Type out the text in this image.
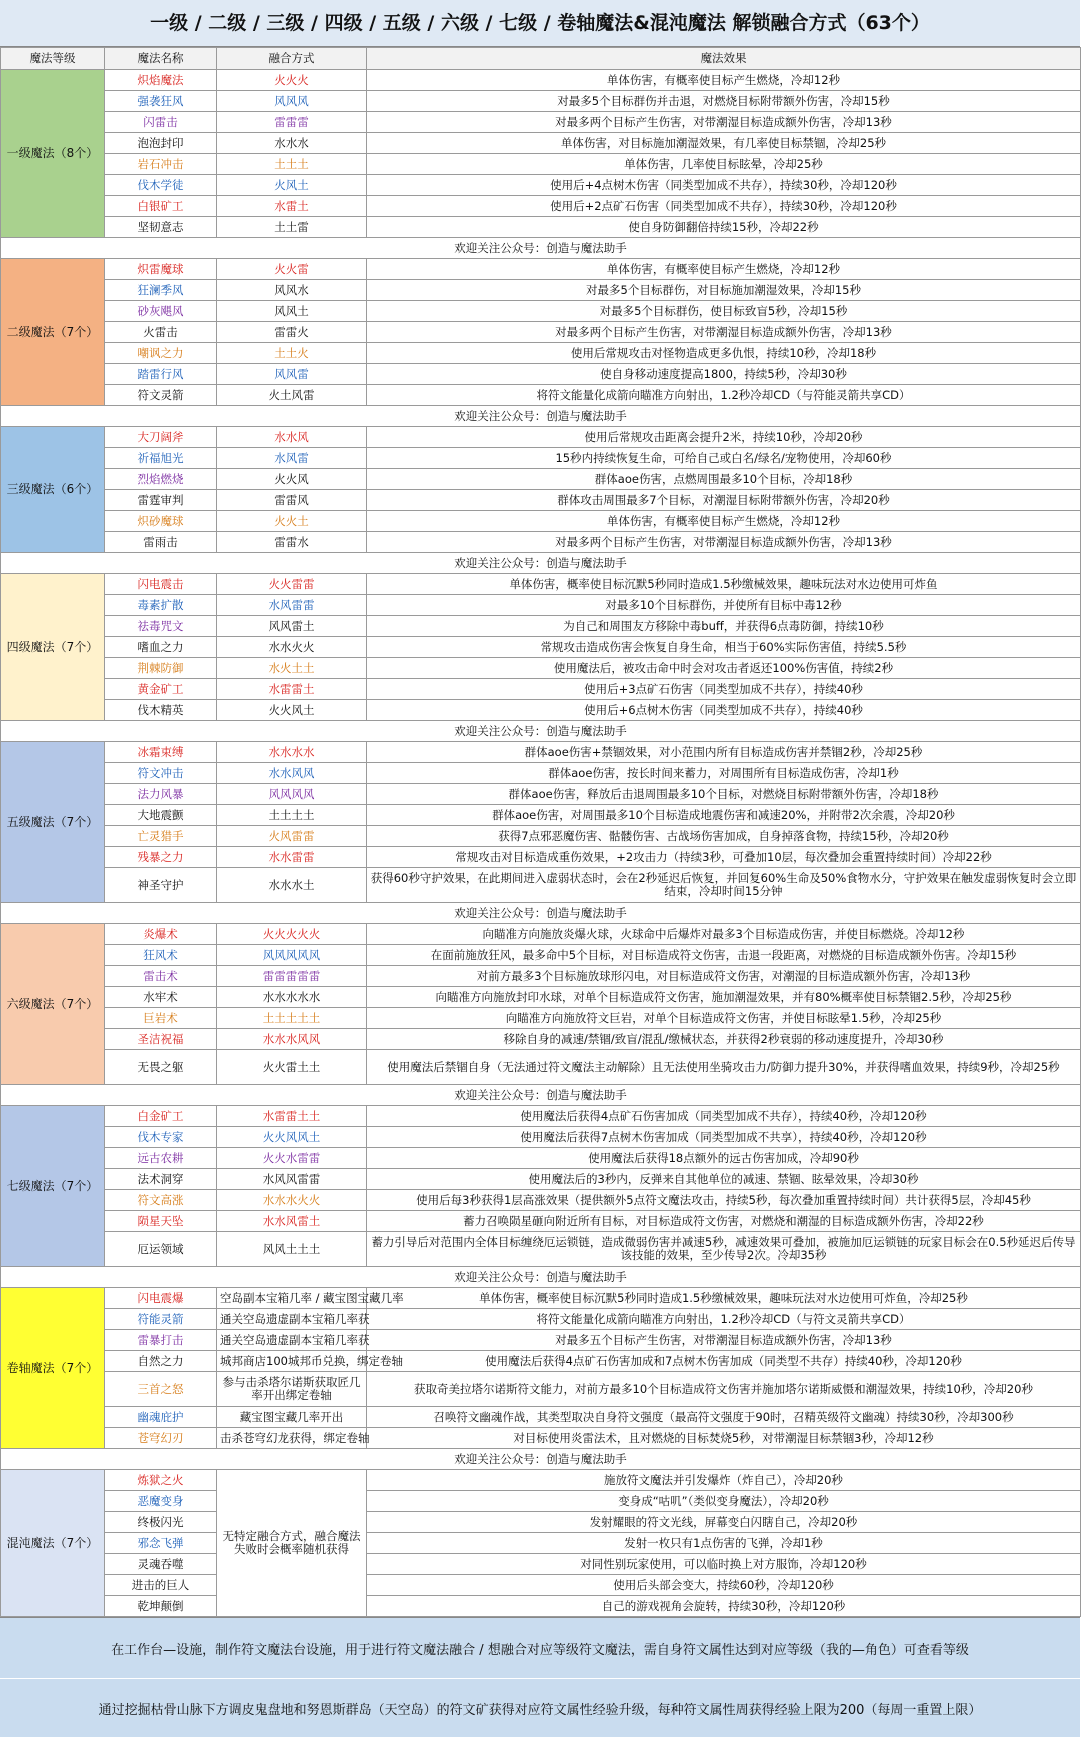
一级 / 二级 / 三级 / 四级 / 五级 / 六级 / 七级 / 卷轴魔法&混沌魔法 解锁融合方式（63个）
魔法等级	魔法名称	融合方式	魔法效果
一级魔法（8个）	炽焰魔法	火火火	单体伤害，有概率使目标产生燃烧，冷却12秒
	强袭狂风	风风风	对最多5个目标群伤并击退，对燃烧目标附带额外伤害，冷却15秒
	闪雷击	雷雷雷	对最多两个目标产生伤害，对带潮湿目标造成额外伤害，冷却13秒
	泡泡封印	水水水	单体伤害，对目标施加潮湿效果，有几率使目标禁锢，冷却25秒
	岩石冲击	土土土	单体伤害，几率使目标眩晕，冷却25秒
	伐木学徒	火风土	使用后+4点树木伤害（同类型加成不共存），持续30秒，冷却120秒
	白银矿工	水雷土	使用后+2点矿石伤害（同类型加成不共存），持续30秒，冷却120秒
	坚韧意志	土土雷	使自身防御翻倍持续15秒，冷却22秒
欢迎关注公众号：创造与魔法助手			
二级魔法（7个）	炽雷魔球	火火雷	单体伤害，有概率使目标产生燃烧，冷却12秒
	狂澜季风	风风水	对最多5个目标群伤，对目标施加潮湿效果，冷却15秒
	砂灰飓风	风风土	对最多5个目标群伤，使目标致盲5秒，冷却15秒
	火雷击	雷雷火	对最多两个目标产生伤害，对带潮湿目标造成额外伤害，冷却13秒
	嘲讽之力	土土火	使用后常规攻击对怪物造成更多仇恨，持续10秒，冷却18秒
	踏雷行风	风风雷	使自身移动速度提高1800，持续5秒，冷却30秒
	符文灵箭	火土风雷	将符文能量化成箭向瞄准方向射出，1.2秒冷却CD（与符能灵箭共享CD）
欢迎关注公众号：创造与魔法助手			
三级魔法（6个）	大刀阔斧	水水风	使用后常规攻击距离会提升2米，持续10秒，冷却20秒
	祈福旭光	水风雷	15秒内持续恢复生命，可给自己或白名/绿名/宠物使用，冷却60秒
	烈焰燃烧	火火风	群体aoe伤害，点燃周围最多10个目标，冷却18秒
	雷霆审判	雷雷风	群体攻击周围最多7个目标，对潮湿目标附带额外伤害，冷却20秒
	炽砂魔球	火火土	单体伤害，有概率使目标产生燃烧，冷却12秒
	雷雨击	雷雷水	对最多两个目标产生伤害，对带潮湿目标造成额外伤害，冷却13秒
欢迎关注公众号：创造与魔法助手			
四级魔法（7个）	闪电震击	火火雷雷	单体伤害，概率使目标沉默5秒同时造成1.5秒缴械效果，趣味玩法对水边使用可炸鱼
	毒素扩散	水风雷雷	对最多10个目标群伤，并使所有目标中毒12秒
	祛毒咒文	风风雷土	为自己和周围友方移除中毒buff，并获得6点毒防御，持续10秒
	嗜血之力	水水火火	常规攻击造成伤害会恢复自身生命，相当于60%实际伤害值，持续5.5秒
	荆棘防御	水火土土	使用魔法后，被攻击命中时会对攻击者返还100%伤害值，持续2秒
	黄金矿工	水雷雷土	使用后+3点矿石伤害（同类型加成不共存），持续40秒
	伐木精英	火火风土	使用后+6点树木伤害（同类型加成不共存），持续40秒
欢迎关注公众号：创造与魔法助手			
五级魔法（7个）	冰霜束缚	水水水水	群体aoe伤害+禁锢效果，对小范围内所有目标造成伤害并禁锢2秒，冷却25秒
	符文冲击	水水风风	群体aoe伤害，按长时间来蓄力，对周围所有目标造成伤害，冷却1秒
	法力风暴	风风风风	群体aoe伤害，释放后击退周围最多10个目标，对燃烧目标附带额外伤害，冷却18秒
	大地震颤	土土土土	群体aoe伤害，对周围最多10个目标造成地震伤害和减速20%，并附带2次余震，冷却20秒
	亡灵猎手	火风雷雷	获得7点邪恶魔伤害、骷髅伤害、古战场伤害加成，自身掉落食物，持续15秒，冷却20秒
	残暴之力	水水雷雷	常规攻击对目标造成重伤效果，+2攻击力（持续3秒，可叠加10层，每次叠加会重置持续时间）冷却22秒
	神圣守护	水水水土	获得60秒守护效果，在此期间进入虚弱状态时，会在2秒延迟后恢复，并回复60%生命及50%食物水分，守护效果在触发虚弱恢复时会立即结束，冷却时间15分钟
欢迎关注公众号：创造与魔法助手			
六级魔法（7个）	炎爆术	火火火火火	向瞄准方向施放炎爆火球，火球命中后爆炸对最多3个目标造成伤害，并使目标燃烧。冷却12秒
	狂风术	风风风风风	在面前施放狂风，最多命中5个目标，对目标造成符文伤害，击退一段距离，对燃烧的目标造成额外伤害。冷却15秒
	雷击术	雷雷雷雷雷	对前方最多3个目标施放球形闪电，对目标造成符文伤害，对潮湿的目标造成额外伤害，冷却13秒
	水牢术	水水水水水	向瞄准方向施放封印水球，对单个目标造成符文伤害，施加潮湿效果，并有80%概率使目标禁锢2.5秒，冷却25秒
	巨岩术	土土土土土	向瞄准方向施放符文巨岩，对单个目标造成符文伤害，并使目标眩晕1.5秒，冷却25秒
	圣洁祝福	水水水风风	移除自身的减速/禁锢/致盲/混乱/缴械状态，并获得2秒衰弱的移动速度提升，冷却30秒
	无畏之躯	火火雷土土	使用魔法后禁锢自身（无法通过符文魔法主动解除）且无法使用坐骑攻击力/防御力提升30%，并获得嗜血效果，持续9秒，冷却25秒
欢迎关注公众号：创造与魔法助手			
七级魔法（7个）	白金矿工	水雷雷土土	使用魔法后获得4点矿石伤害加成（同类型加成不共存），持续40秒，冷却120秒
	伐木专家	火火风风土	使用魔法后获得7点树木伤害加成（同类型加成不共享），持续40秒，冷却120秒
	远古农耕	火火水雷雷	使用魔法后获得18点额外的远古伤害加成，冷却90秒
	法术洞穿	水风风雷雷	使用魔法后的3秒内，反弹来自其他单位的减速、禁锢、眩晕效果，冷却30秒
	符文高涨	水水水火火	使用后每3秒获得1层高涨效果（提供额外5点符文魔法攻击，持续5秒，每次叠加重置持续时间）共计获得5层，冷却45秒
	陨星天坠	水水风雷土	蓄力召唤陨星砸向附近所有目标，对目标造成符文伤害，对燃烧和潮湿的目标造成额外伤害，冷却22秒
	厄运领域	风风土土土	蓄力引导后对范围内全体目标缠绕厄运锁链，造成微弱伤害并减速5秒，减速效果可叠加，被施加厄运锁链的玩家目标会在0.5秒延迟后传导该技能的效果，至少传导2次。冷却35秒
欢迎关注公众号：创造与魔法助手			
卷轴魔法（7个）	闪电震爆	空岛副本宝箱几率 / 藏宝图宝藏几率	单体伤害，概率使目标沉默5秒同时造成1.5秒缴械效果，趣味玩法对水边使用可炸鱼，冷却25秒
	符能灵箭	通关空岛遗虚副本宝箱几率获	将符文能量化成箭向瞄准方向射出，1.2秒冷却CD（与符文灵箭共享CD）
	雷暴打击	通关空岛遗虚副本宝箱几率获	对最多五个目标产生伤害，对带潮湿目标造成额外伤害，冷却13秒
	自然之力	城邦商店100城邦币兑换，绑定卷轴	使用魔法后获得4点矿石伤害加成和7点树木伤害加成（同类型不共存）持续40秒，冷却120秒
	三首之怒	参与击杀塔尔诺斯获取匠几率开出绑定卷轴	获取奇美拉塔尔诺斯符文能力，对前方最多10个目标造成符文伤害并施加塔尔诺斯威慑和潮湿效果，持续10秒，冷却20秒
	幽魂庇护	藏宝图宝藏几率开出	召唤符文幽魂作战，其类型取决自身符文强度（最高符文强度于90时，召精英级符文幽魂）持续30秒，冷却300秒
	苍穹幻刃	击杀苍穹幻龙获得，绑定卷轴	对目标使用炎雷法术，且对燃烧的目标焚烧5秒，对带潮湿目标禁锢3秒，冷却12秒
欢迎关注公众号：创造与魔法助手			
混沌魔法（7个）	炼狱之火	无特定融合方式，融合魔法失败时会概率随机获得	施放符文魔法并引发爆炸（炸自己），冷却20秒
	恶魔变身		变身成“咕叽”（类似变身魔法），冷却20秒
	终极闪光		发射耀眼的符文光线，屏幕变白闪瞎自己，冷却20秒
	邪念飞弹		发射一枚只有1点伤害的飞弹，冷却1秒
	灵魂吞噬		对同性别玩家使用，可以临时换上对方服饰，冷却120秒
	进击的巨人		使用后头部会变大，持续60秒，冷却120秒
	乾坤颠倒		自己的游戏视角会旋转，持续30秒，冷却120秒
在工作台—设施，制作符文魔法台设施，用于进行符文魔法融合 / 想融合对应等级符文魔法，需自身符文属性达到对应等级（我的—角色）可查看等级
通过挖掘枯骨山脉下方调皮鬼盘地和努恩斯群岛（天空岛）的符文矿获得对应符文属性经验升级，每种符文属性周获得经验上限为200（每周一重置上限）
